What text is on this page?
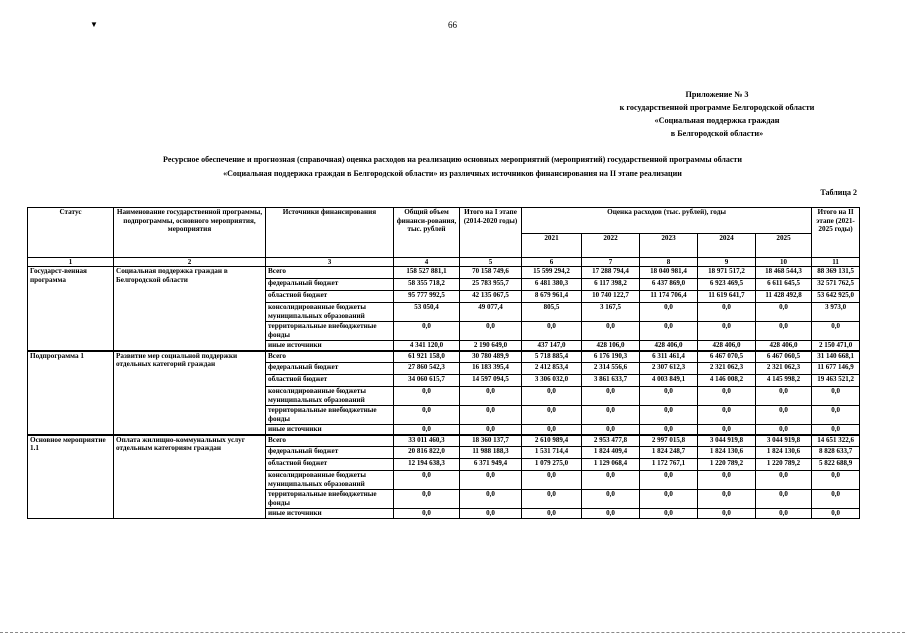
▼	66
Приложение № 3
к государственной программе Белгородской области
«Социальная поддержка граждан
в Белгородской области»
Ресурсное обеспечение и прогнозная (справочная) оценка расходов на реализацию основных мероприятий (мероприятий) государственной программы области
«Социальная поддержка граждан в Белгородской области» из различных источников финансирования на II этапе реализации
Таблица 2
Статус	Наименование государственной программы, подпрограммы, основного мероприятия, мероприятия	Источники финансирования	Общий объем финанси-рования, тыс. рублей	Итого на I этапе (2014-2020 годы)	Оценка расходов (тыс. рублей), годы					Итого на II этапе (2021-2025 годы)
					2021	2022	2023	2024	2025	
1	2	3	4	5	6	7	8	9	10	11
Государст-венная программа	Социальная поддержка граждан в Белгородской области	Всего	158 527 881,1	70 158 749,6	15 599 294,2	17 288 794,4	18 040 981,4	18 971 517,2	18 468 544,3	88 369 131,5
		федеральный бюджет	58 355 718,2	25 783 955,7	6 481 380,3	6 117 398,2	6 437 869,0	6 923 469,5	6 611 645,5	32 571 762,5
		областной бюджет	95 777 992,5	42 135 067,5	8 679 961,4	10 740 122,7	11 174 706,4	11 619 641,7	11 428 492,8	53 642 925,0
		консолидированные бюджеты муниципальных образований	53 050,4	49 077,4	805,5	3 167,5	0,0	0,0	0,0	3 973,0
		территориальные внебюджетные фонды	0,0	0,0	0,0	0,0	0,0	0,0	0,0	0,0
		иные источники	4 341 120,0	2 190 649,0	437 147,0	428 106,0	428 406,0	428 406,0	428 406,0	2 150 471,0
Подпрограмма 1	Развитие мер социальной поддержки отдельных категорий граждан	Всего	61 921 158,0	30 780 489,9	5 718 885,4	6 176 190,3	6 311 461,4	6 467 070,5	6 467 060,5	31 140 668,1
		федеральный бюджет	27 860 542,3	16 183 395,4	2 412 853,4	2 314 556,6	2 307 612,3	2 321 062,3	2 321 062,3	11 677 146,9
		областной бюджет	34 060 615,7	14 597 094,5	3 306 032,0	3 861 633,7	4 003 849,1	4 146 008,2	4 145 998,2	19 463 521,2
		консолидированные бюджеты муниципальных образований	0,0	0,0	0,0	0,0	0,0	0,0	0,0	0,0
		территориальные внебюджетные фонды	0,0	0,0	0,0	0,0	0,0	0,0	0,0	0,0
		иные источники	0,0	0,0	0,0	0,0	0,0	0,0	0,0	0,0
Основное мероприятие 1.1	Оплата жилищно-коммунальных услуг отдельным категориям граждан	Всего	33 011 460,3	18 360 137,7	2 610 989,4	2 953 477,8	2 997 015,8	3 044 919,8	3 044 919,8	14 651 322,6
		федеральный бюджет	20 816 822,0	11 988 188,3	1 531 714,4	1 824 409,4	1 824 248,7	1 824 130,6	1 824 130,6	8 828 633,7
		областной бюджет	12 194 638,3	6 371 949,4	1 079 275,0	1 129 068,4	1 172 767,1	1 220 789,2	1 220 789,2	5 822 688,9
		консолидированные бюджеты муниципальных образований	0,0	0,0	0,0	0,0	0,0	0,0	0,0	0,0
		территориальные внебюджетные фонды	0,0	0,0	0,0	0,0	0,0	0,0	0,0	0,0
		иные источники	0,0	0,0	0,0	0,0	0,0	0,0	0,0	0,0
